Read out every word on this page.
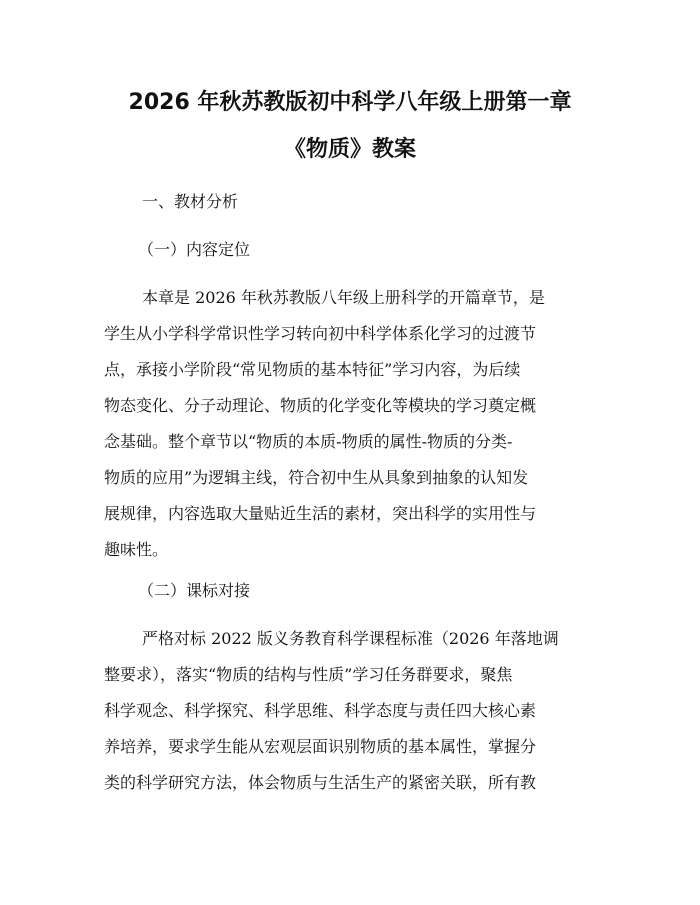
2026 年秋苏教版初中科学八年级上册第一章
《物质》教案
一、教材分析
（一）内容定位
本章是 2026 年秋苏教版八年级上册科学的开篇章节，是
学生从小学科学常识性学习转向初中科学体系化学习的过渡节
点，承接小学阶段“常见物质的基本特征”学习内容，为后续
物态变化、分子动理论、物质的化学变化等模块的学习奠定概
念基础。整个章节以“物质的本质-物质的属性-物质的分类-
物质的应用”为逻辑主线，符合初中生从具象到抽象的认知发
展规律，内容选取大量贴近生活的素材，突出科学的实用性与
趣味性。
（二）课标对接
严格对标 2022 版义务教育科学课程标准（2026 年落地调
整要求），落实“物质的结构与性质”学习任务群要求，聚焦
科学观念、科学探究、科学思维、科学态度与责任四大核心素
养培养，要求学生能从宏观层面识别物质的基本属性，掌握分
类的科学研究方法，体会物质与生活生产的紧密关联，所有教
